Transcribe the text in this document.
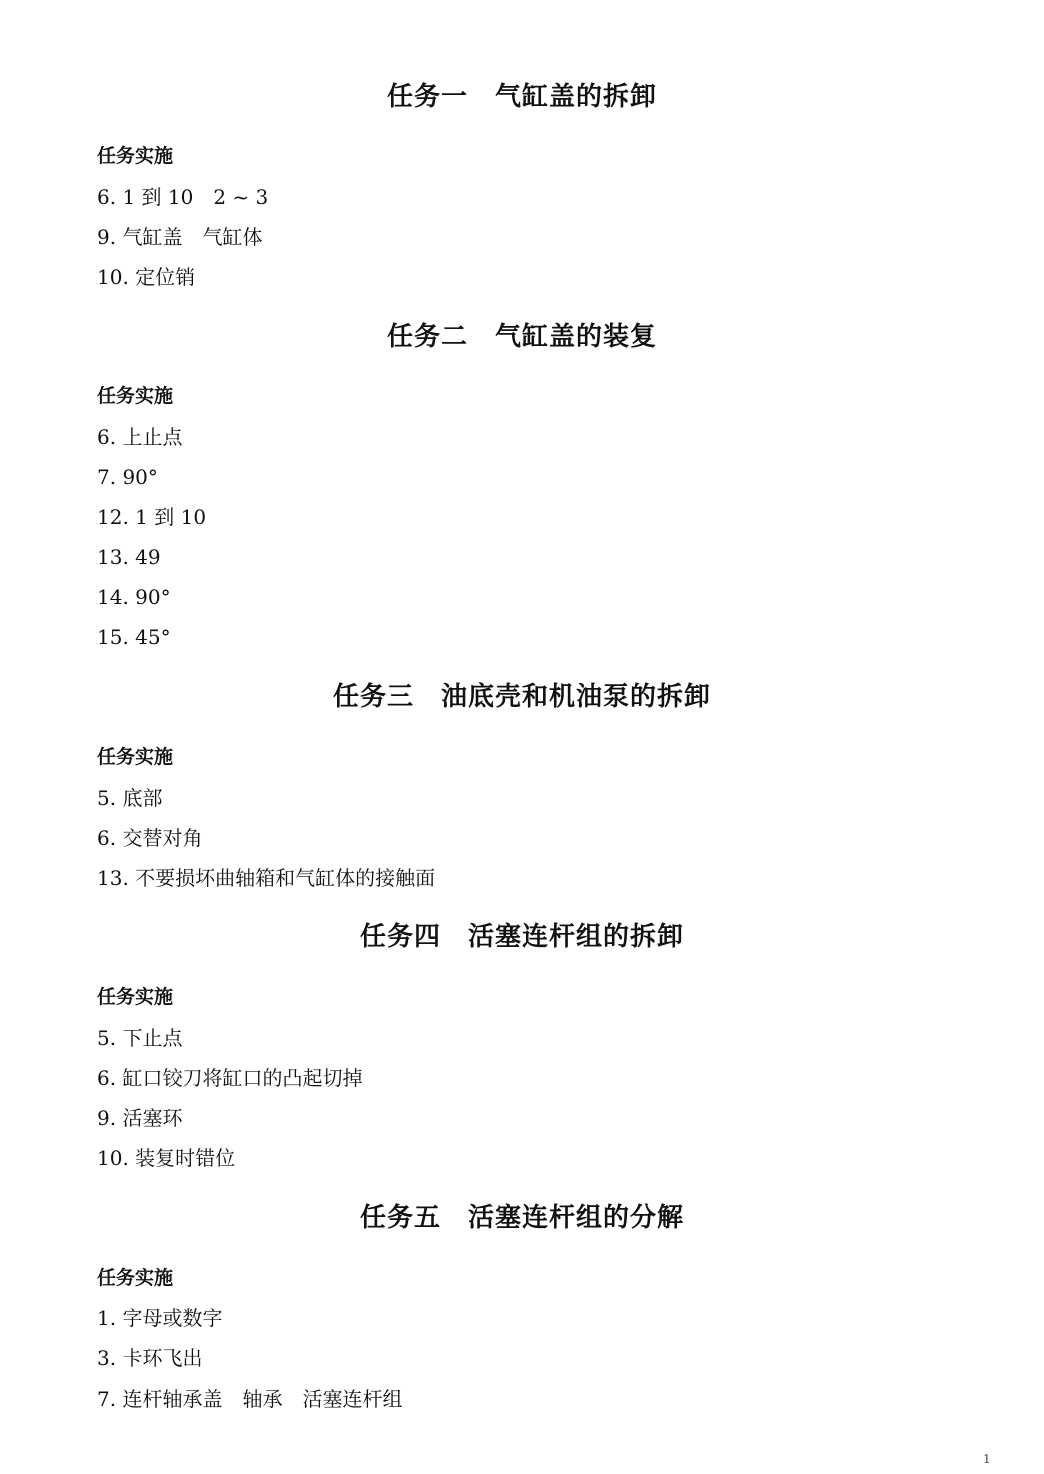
任务一　气缸盖的拆卸
任务实施
6. 1 到 10　2 ~ 3
9. 气缸盖　气缸体
10. 定位销
任务二　气缸盖的装复
任务实施
6. 上止点
7. 90°
12. 1 到 10
13. 49
14. 90°
15. 45°
任务三　油底壳和机油泵的拆卸
任务实施
5. 底部
6. 交替对角
13. 不要损坏曲轴箱和气缸体的接触面
任务四　活塞连杆组的拆卸
任务实施
5. 下止点
6. 缸口铰刀将缸口的凸起切掉
9. 活塞环
10. 装复时错位
任务五　活塞连杆组的分解
任务实施
1. 字母或数字
3. 卡环飞出
7. 连杆轴承盖　轴承　活塞连杆组
1
